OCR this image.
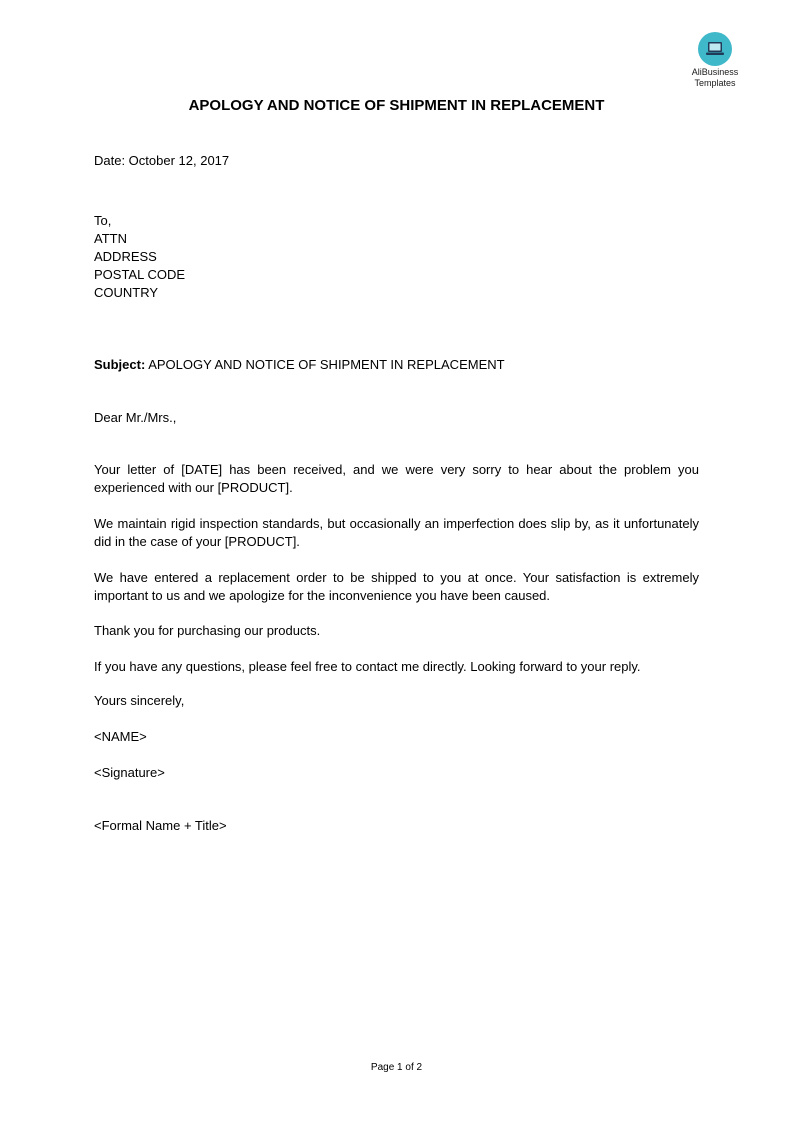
AliBusiness
Templates
APOLOGY AND NOTICE OF SHIPMENT IN REPLACEMENT
Date: October 12, 2017
To,
ATTN
ADDRESS
POSTAL CODE
COUNTRY
Subject: APOLOGY AND NOTICE OF SHIPMENT IN REPLACEMENT
Dear Mr./Mrs.,
Your letter of [DATE] has been received, and we were very sorry to hear about the problem you experienced with our [PRODUCT].
We maintain rigid inspection standards, but occasionally an imperfection does slip by, as it unfortunately did in the case of your [PRODUCT].
We have entered a replacement order to be shipped to you at once. Your satisfaction is extremely important to us and we apologize for the inconvenience you have been caused.
Thank you for purchasing our products.
If you have any questions, please feel free to contact me directly. Looking forward to your reply.
Yours sincerely,
<NAME>
<Signature>
<Formal Name + Title>
Page 1 of 2
